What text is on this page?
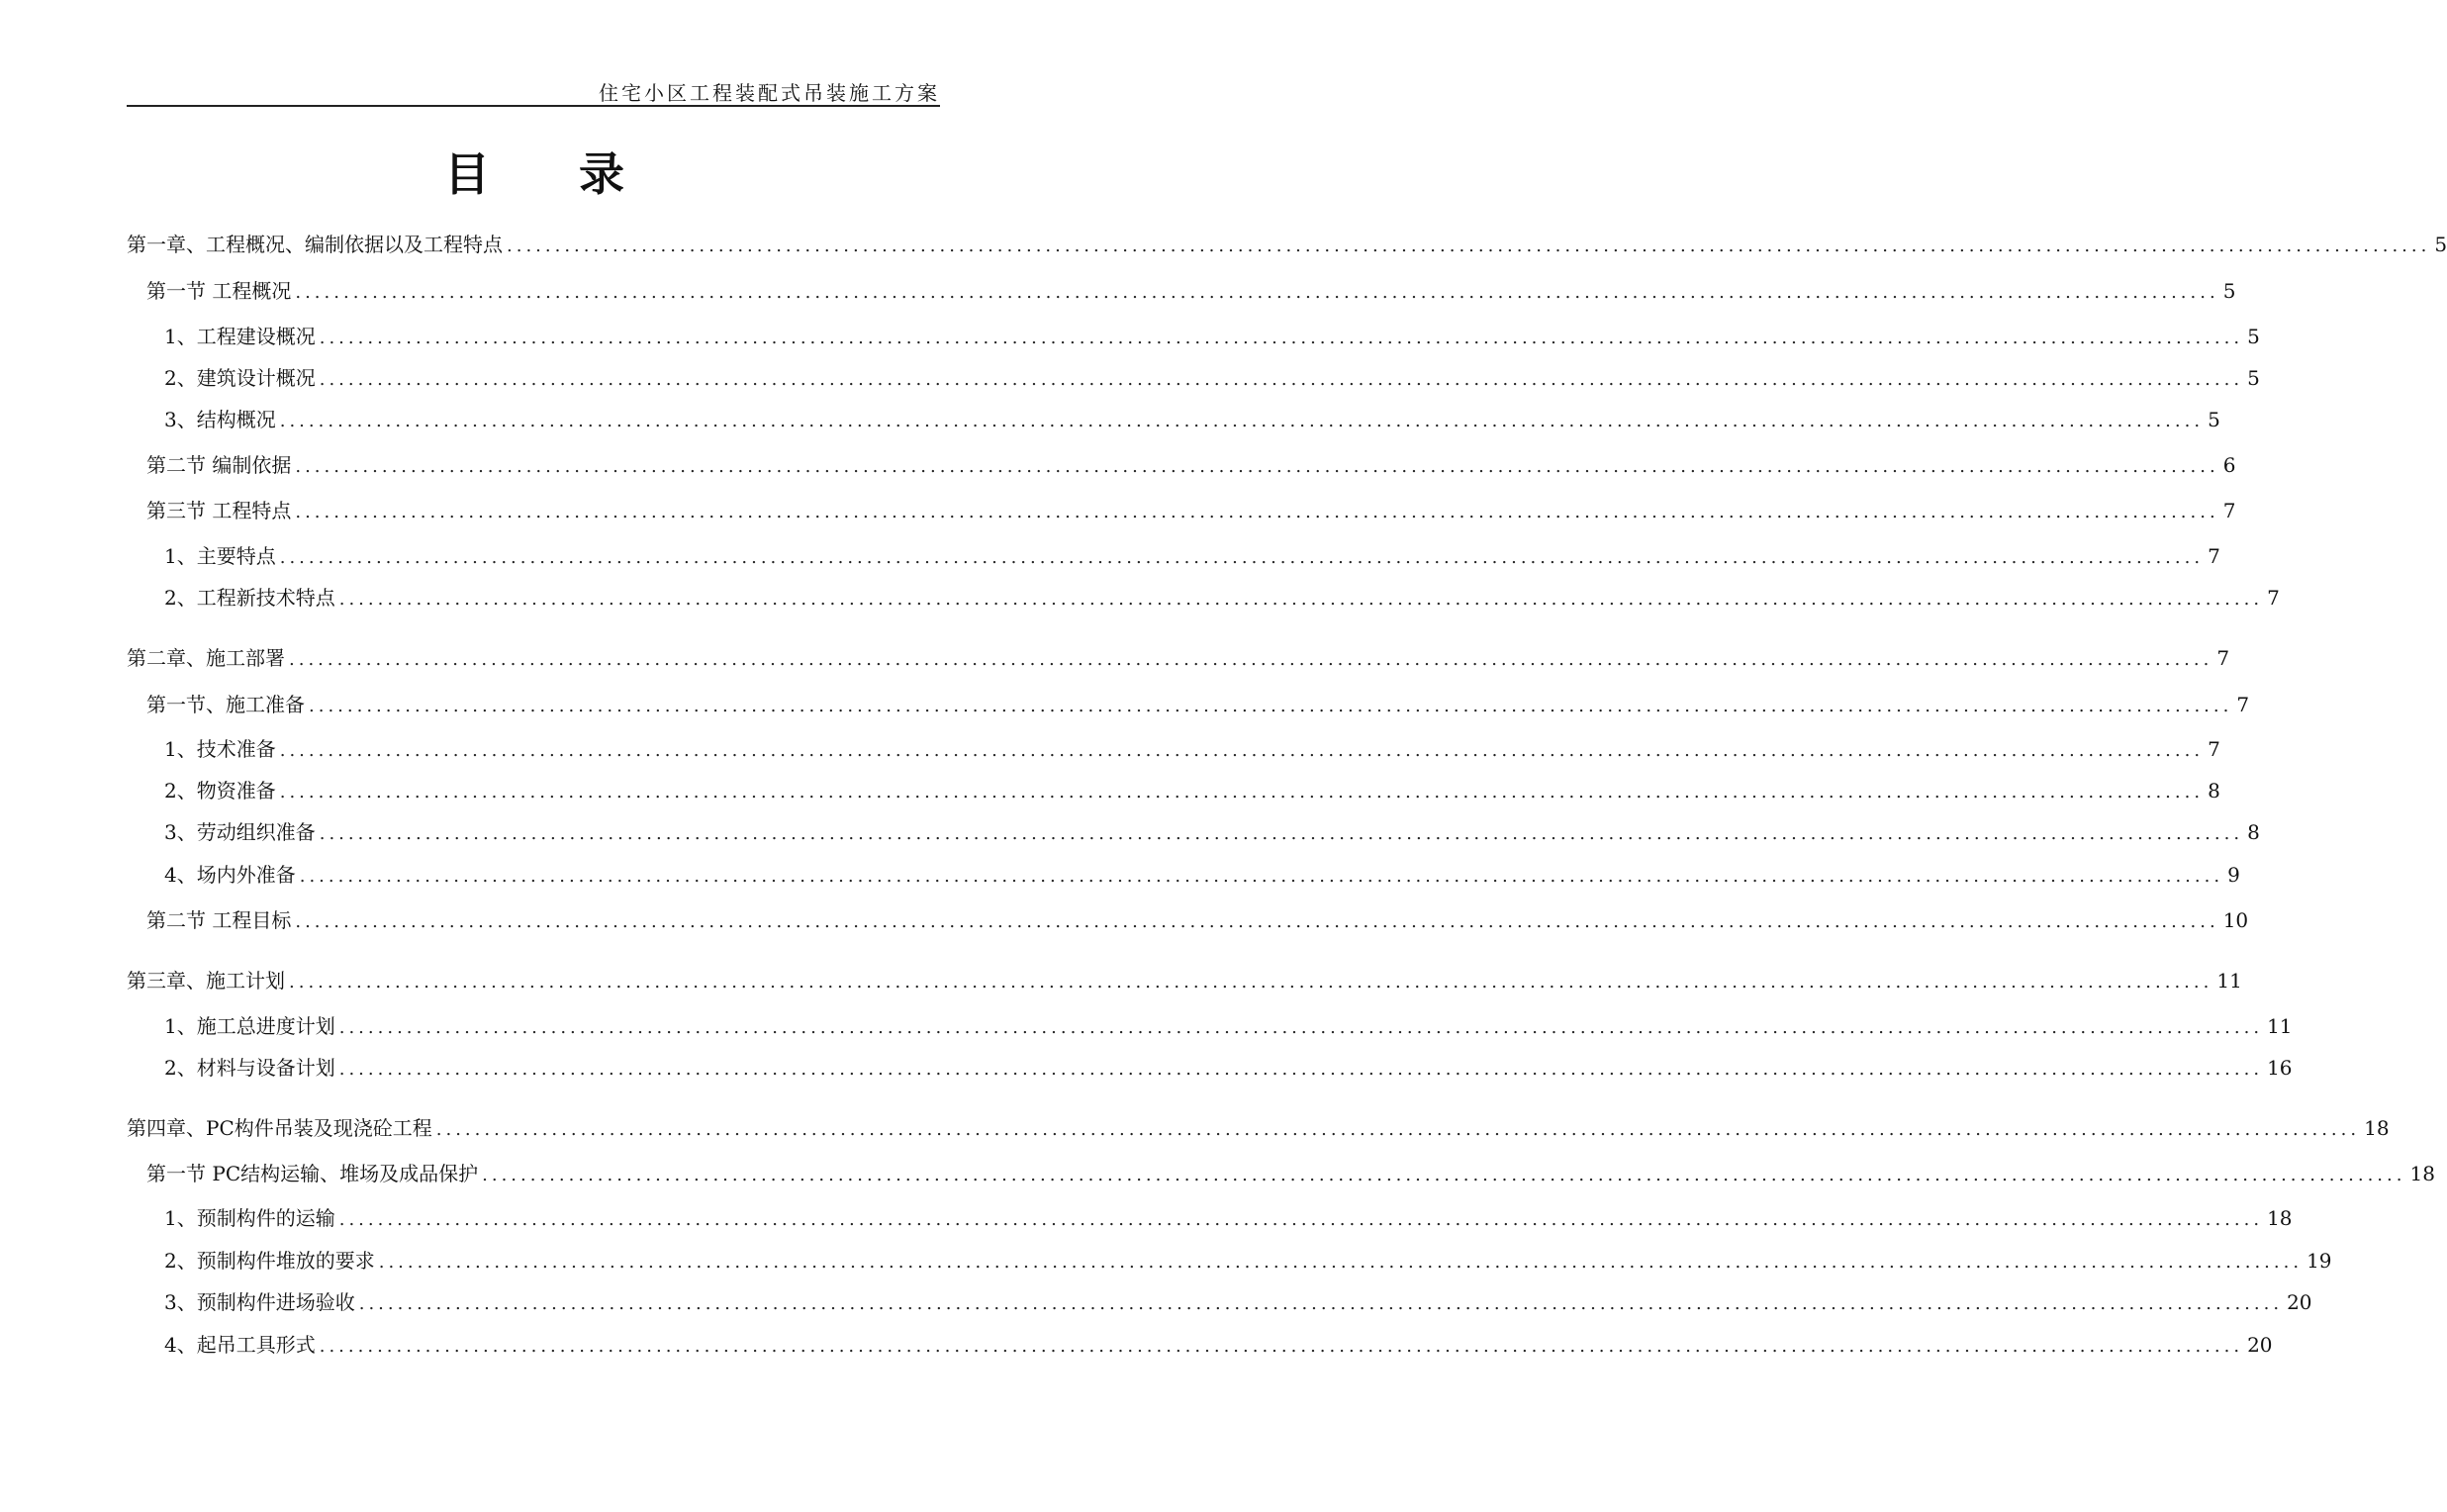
住宅小区工程装配式吊装施工方案
目 录
第一章、工程概况、编制依据以及工程特点 ........................................................................................................................................................................................................ 5
第一节 工程概况 ........................................................................................................................................................................................................ 5
1、工程建设概况 ........................................................................................................................................................................................................ 5
2、建筑设计概况 ........................................................................................................................................................................................................ 5
3、结构概况 ........................................................................................................................................................................................................ 5
第二节 编制依据 ........................................................................................................................................................................................................ 6
第三节 工程特点 ........................................................................................................................................................................................................ 7
1、主要特点 ........................................................................................................................................................................................................ 7
2、工程新技术特点 ........................................................................................................................................................................................................ 7
第二章、施工部署 ........................................................................................................................................................................................................ 7
第一节、施工准备 ........................................................................................................................................................................................................ 7
1、技术准备 ........................................................................................................................................................................................................ 7
2、物资准备 ........................................................................................................................................................................................................ 8
3、劳动组织准备 ........................................................................................................................................................................................................ 8
4、场内外准备 ........................................................................................................................................................................................................ 9
第二节 工程目标 ........................................................................................................................................................................................................ 10
第三章、施工计划 ........................................................................................................................................................................................................ 11
1、施工总进度计划 ........................................................................................................................................................................................................ 11
2、材料与设备计划 ........................................................................................................................................................................................................ 16
第四章、PC构件吊装及现浇砼工程 ........................................................................................................................................................................................................ 18
第一节 PC结构运输、堆场及成品保护 ........................................................................................................................................................................................................ 18
1、预制构件的运输 ........................................................................................................................................................................................................ 18
2、预制构件堆放的要求 ........................................................................................................................................................................................................ 19
3、预制构件进场验收 ........................................................................................................................................................................................................ 20
4、起吊工具形式 ........................................................................................................................................................................................................ 20
